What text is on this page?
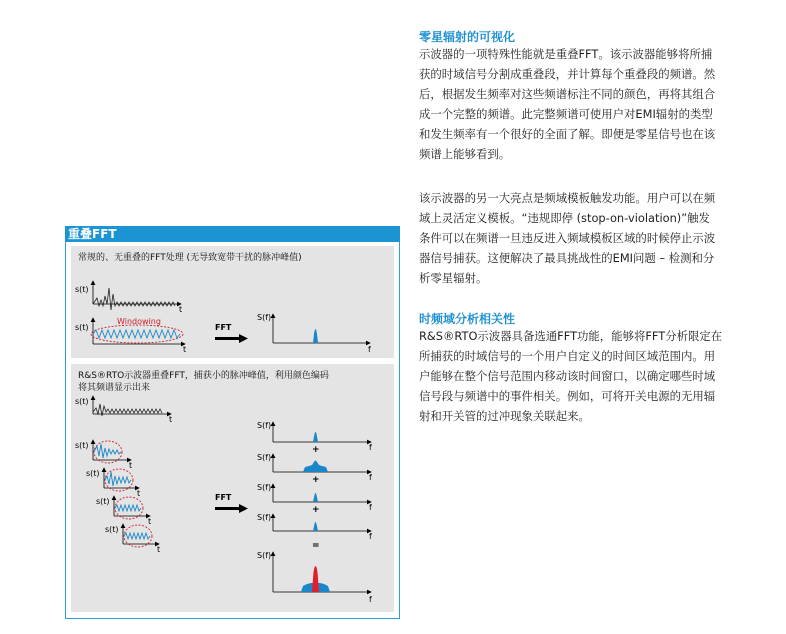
零星辐射的可视化
示波器的一项特殊性能就是重叠FFT。该示波器能够将所捕
获的时域信号分割成重叠段，并计算每个重叠段的频谱。然
后，根据发生频率对这些频谱标注不同的颜色，再将其组合
成一个完整的频谱。此完整频谱可使用户对EMI辐射的类型
和发生频率有一个很好的全面了解。即便是零星信号也在该
频谱上能够看到。
该示波器的另一大亮点是频域模板触发功能。用户可以在频
域上灵活定义模板。“违规即停 (stop-on-violation)”触发
条件可以在频谱一旦违反进入频域模板区域的时候停止示波
器信号捕获。这便解决了最具挑战性的EMI问题 – 检测和分
析零星辐射。
时频域分析相关性
R&S®RTO示波器具备选通FFT功能，能够将FFT分析限定在
所捕获的时域信号的一个用户自定义的时间区域范围内。用
户能够在整个信号范围内移动该时间窗口，以确定哪些时域
信号段与频谱中的事件相关。例如，可将开关电源的无用辐
射和开关管的过冲现象关联起来。
重叠FFT
常规的、无重叠的FFT处理 (无导致宽带干扰的脉冲峰值)
s(t)
t
s(t)
t
Windowing
FFT
S(f)
f
R&S®RTO示波器重叠FFT，捕获小的脉冲峰值，利用颜色编码
将其频谱显示出来
s(t)
t
s(t)
t
s(t)
t
s(t)
t
s(t)
t
FFT
S(f)
f
+
S(f)
f
+
S(f)
f
+
S(f)
f
=
S(f)
f
